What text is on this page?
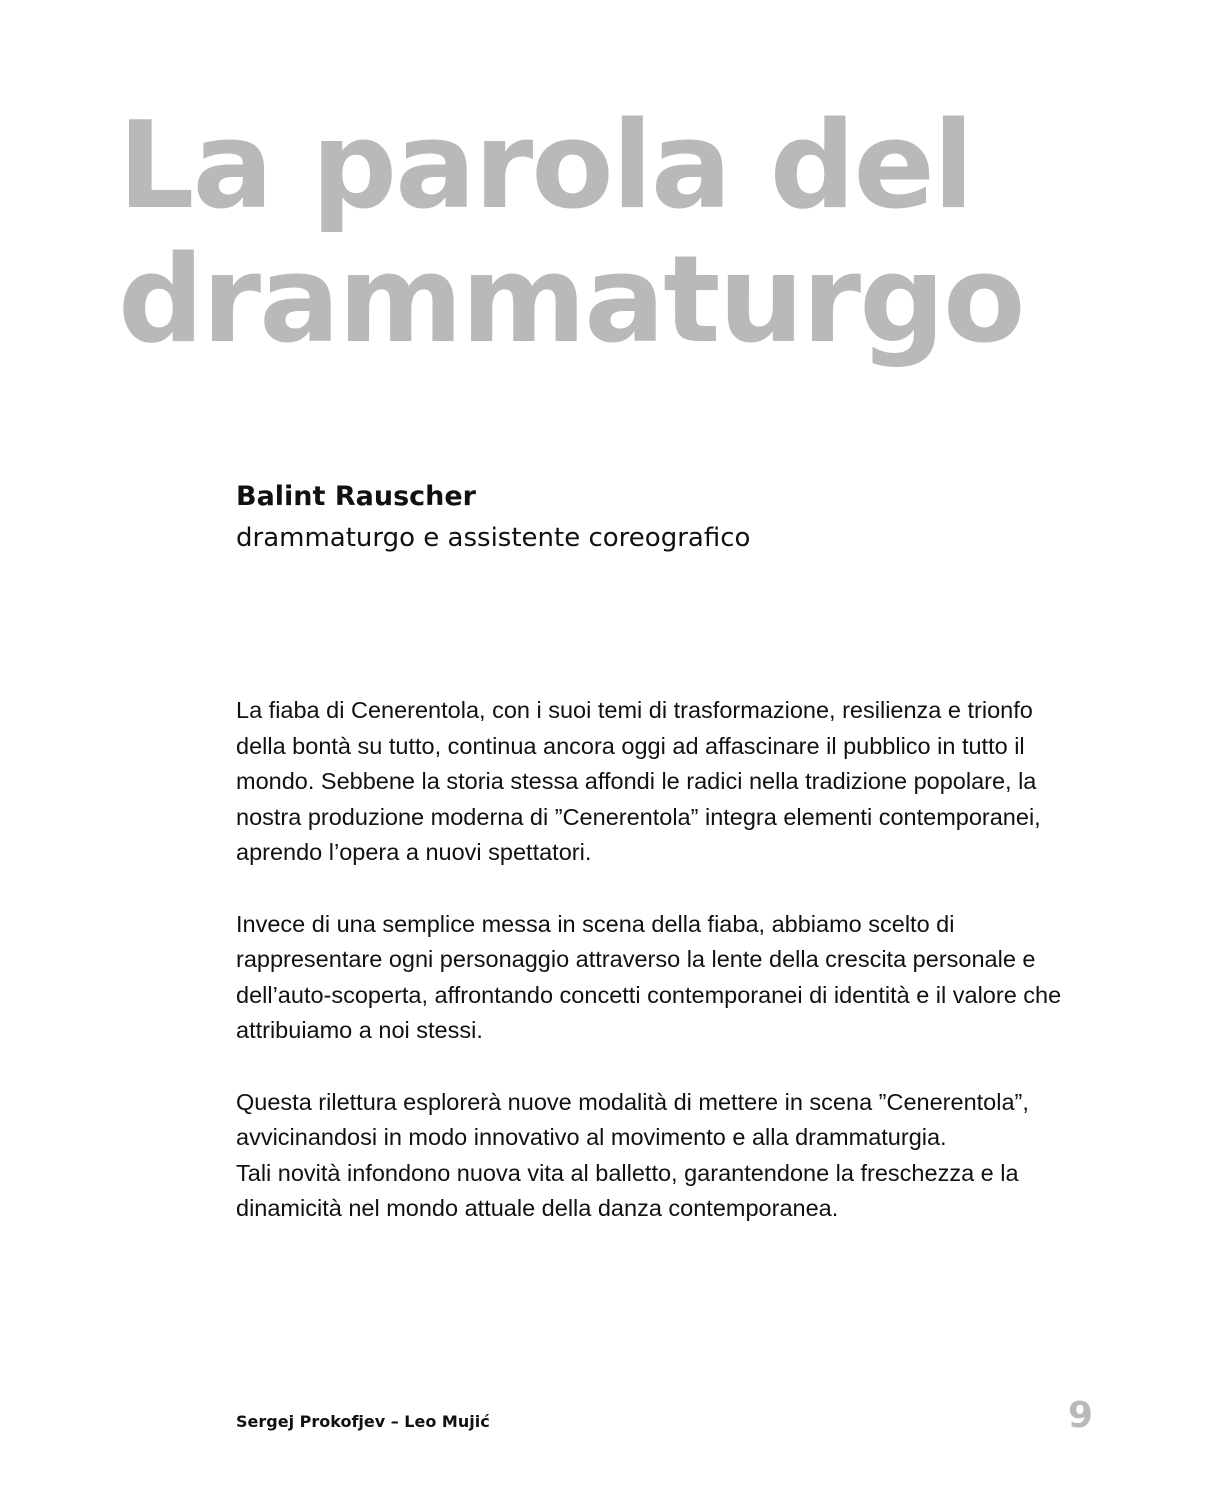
La parola del
drammaturgo

Balint Rauscher

drammaturgo e assistente coreografico

La fiaba di Cenerentola, con i suoi temi di trasformazione, resilienza e trionfo
della bontà su tutto, continua ancora oggi ad affascinare il pubblico in tutto il
mondo. Sebbene la storia stessa affondi le radici nella tradizione popolare, la
nostra produzione moderna di ”Cenerentola” integra elementi contemporanei,
aprendo l’opera a nuovi spettatori.

Invece di una semplice messa in scena della fiaba, abbiamo scelto di
rappresentare ogni personaggio attraverso la lente della crescita personale e
dell’auto-scoperta, affrontando concetti contemporanei di identità e il valore che
attribuiamo a noi stessi.

Questa rilettura esplorerà nuove modalità di mettere in scena ”Cenerentola”,
avvicinandosi in modo innovativo al movimento e alla drammaturgia.
Tali novità infondono nuova vita al balletto, garantendone la freschezza e la
dinamicità nel mondo attuale della danza contemporanea.

Sergej Prokofjev – Leo Mujić	9
